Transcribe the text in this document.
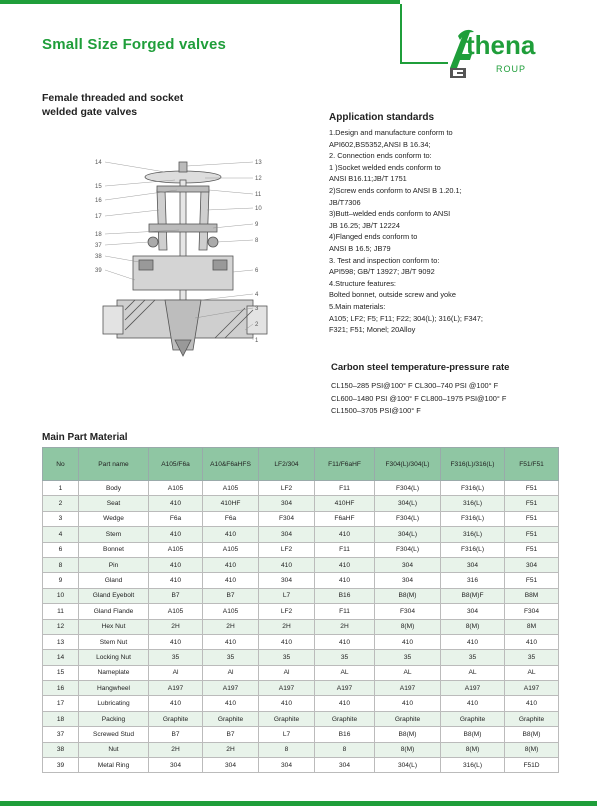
Small Size Forged valves	thena
ROUP
Female threaded and socket
welded gate valves
14
15
16
17
18
37
38
39
13
12
11
10
9
8
6
4
3
2
1
Application standards
1.Design and manufacture conform to
API602,BS5352,ANSI B 16.34;
2. Connection ends conform to:
1 )Socket welded ends conform to
ANSI B16.11;JB/T 1751
2)Screw ends conform to ANSI B 1.20.1;
JB/T7306
3)Butt–welded ends conform to ANSI
JB 16.25; JB/T 12224
4)Flanged ends conform to
ANSI B 16.5; JB79
3. Test and inspection conform to:
API598; GB/T 13927; JB/T 9092
4.Structure features:
Bolted bonnet, outside screw and yoke
5.Main materials:
A105; LF2; F5; F11; F22; 304(L); 316(L); F347;
F321; F51; Monel; 20Alloy
Carbon steel temperature-pressure rate
CL150–285 PSI@100° F CL300–740 PSI @100° F
CL600–1480 PSI @100° F CL800–1975 PSI@100° F
CL1500–3705 PSI@100° F
Main Part Material
No	Part name	A105/F6a	A10&F6aHFS	LF2/304	F11/F6aHF	F304(L)/304(L)	F316(L)/316(L)	F51/F51
1	Body	A105	A105	LF2	F11	F304(L)	F316(L)	F51
2	Seat	410	410HF	304	410HF	304(L)	316(L)	F51
3	Wedge	F6a	F6a	F304	F6aHF	F304(L)	F316(L)	F51
4	Stem	410	410	304	410	304(L)	316(L)	F51
6	Bonnet	A105	A105	LF2	F11	F304(L)	F316(L)	F51
8	Pin	410	410	410	410	304	304	304
9	Gland	410	410	304	410	304	316	F51
10	Gland Eyebolt	B7	B7	L7	B16	B8(M)	B8(M)F	B8M
11	Gland Flande	A105	A105	LF2	F11	F304	304	F304
12	Hex Nut	2H	2H	2H	2H	8(M)	8(M)	8M
13	Stem Nut	410	410	410	410	410	410	410
14	Locking Nut	35	35	35	35	35	35	35
15	Nameplate	Al	Al	Al	AL	AL	AL	AL
16	Hangwheel	A197	A197	A197	A197	A197	A197	A197
17	Lubricating	410	410	410	410	410	410	410
18	Packing	Graphite	Graphite	Graphite	Graphite	Graphite	Graphite	Graphite
37	Screwed Stud	B7	B7	L7	B16	B8(M)	B8(M)	B8(M)
38	Nut	2H	2H	8	8	8(M)	8(M)	8(M)
39	Metal Ring	304	304	304	304	304(L)	316(L)	F51D
